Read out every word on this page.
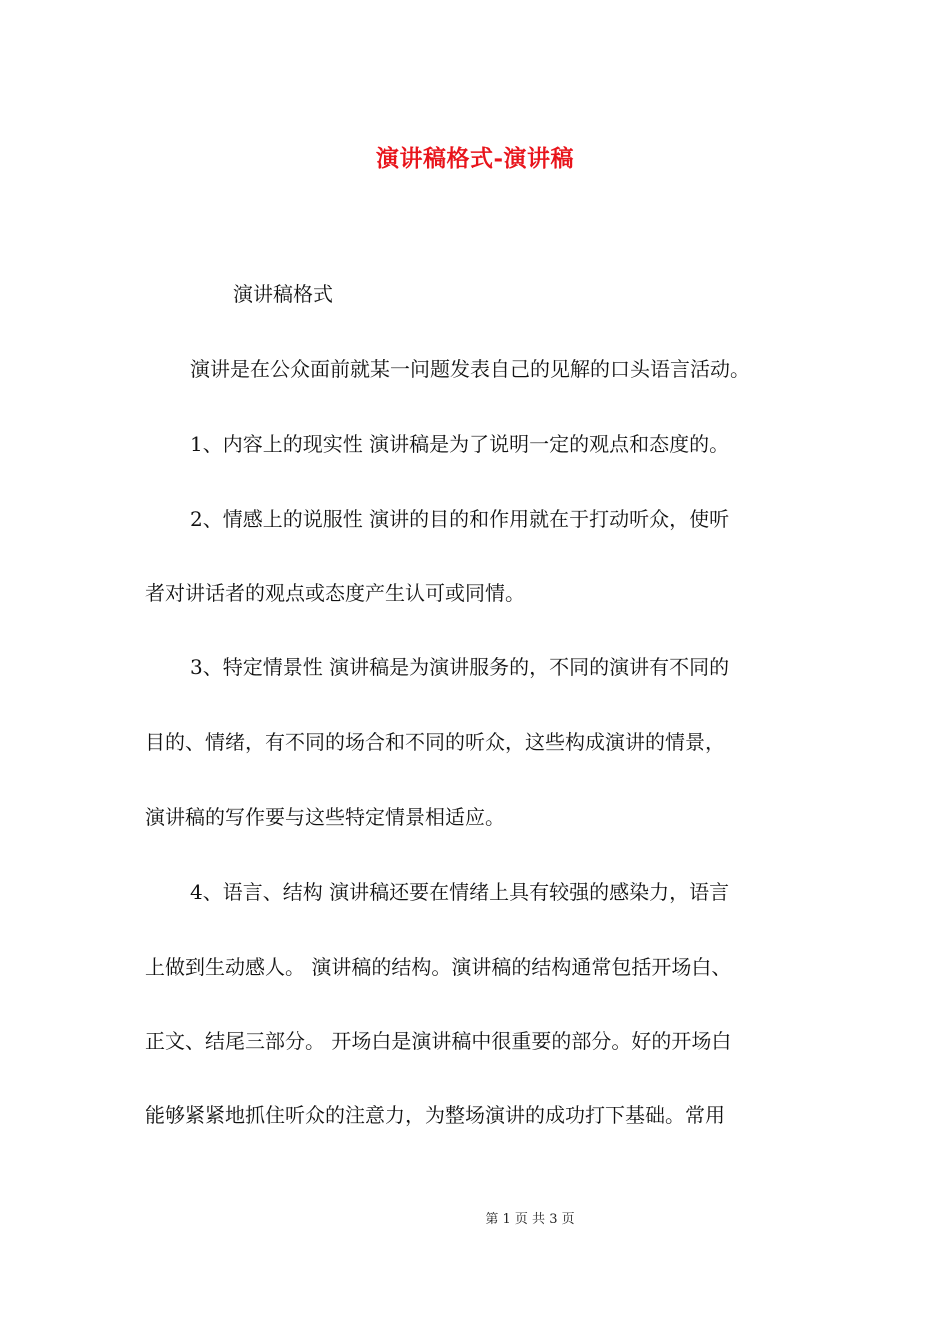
演讲稿格式-演讲稿
演讲稿格式
演讲是在公众面前就某一问题发表自己的见解的口头语言活动。
1、内容上的现实性 演讲稿是为了说明一定的观点和态度的。
2、情感上的说服性 演讲的目的和作用就在于打动听众，使听
者对讲话者的观点或态度产生认可或同情。
3、特定情景性 演讲稿是为演讲服务的，不同的演讲有不同的
目的、情绪，有不同的场合和不同的听众，这些构成演讲的情景，
演讲稿的写作要与这些特定情景相适应。
4、语言、结构 演讲稿还要在情绪上具有较强的感染力，语言
上做到生动感人。 演讲稿的结构。演讲稿的结构通常包括开场白、
正文、结尾三部分。 开场白是演讲稿中很重要的部分。好的开场白
能够紧紧地抓住听众的注意力，为整场演讲的成功打下基础。常用
第 1 页 共 3 页
